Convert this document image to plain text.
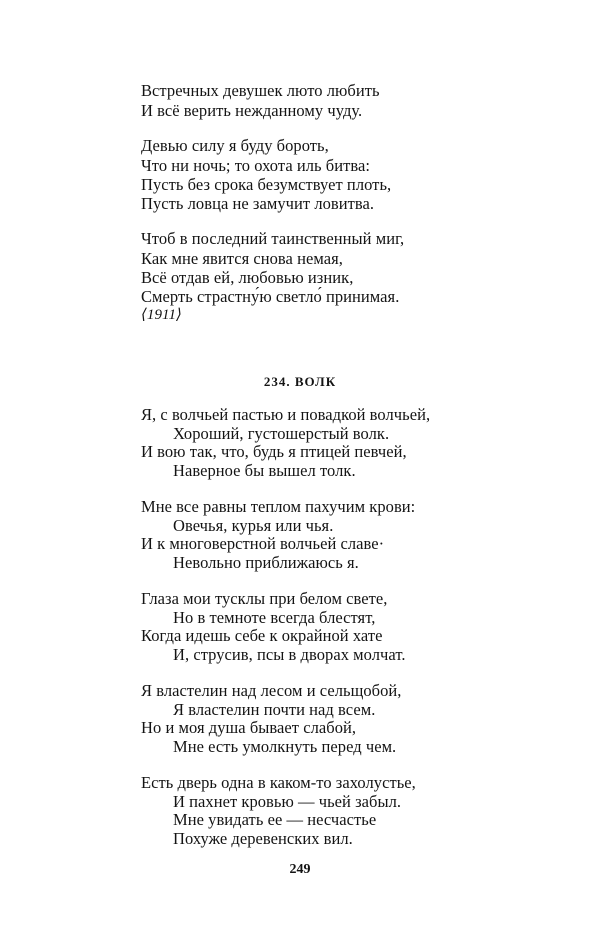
Встречных девушек люто любить
И всё верить нежданному чуду.
Девью силу я буду бороть,
Что ни ночь; то охота иль битва:
Пусть без срока безумствует плоть,
Пусть ловца не замучит ловитва.
Чтоб в последний таинственный миг,
Как мне явится снова немая,
Всё отдав ей, любовью изник,
Смерть страстну́ю светло́ принимая.
⟨1911⟩
234. ВОЛК
Я, с волчьей пастью и повадкой волчьей,
Хороший, густошерстый волк.
И вою так, что, будь я птицей певчей,
Наверное бы вышел толк.
Мне все равны теплом пахучим крови:
Овечья, курья или чья.
И к многоверстной волчьей славе·
Невольно приближаюсь я.
Глаза мои тусклы при белом свете,
Но в темноте всегда блестят,
Когда идешь себе к окрайной хате
И, струсив, псы в дворах молчат.
Я властелин над лесом и сельщобой,
Я властелин почти над всем.
Но и моя душа бывает слабой,
Мне есть умолкнуть перед чем.
Есть дверь одна в каком-то захолустье,
И пахнет кровью — чьей забыл.
Мне увидать ее — несчастье
Похуже деревенских вил.
249
